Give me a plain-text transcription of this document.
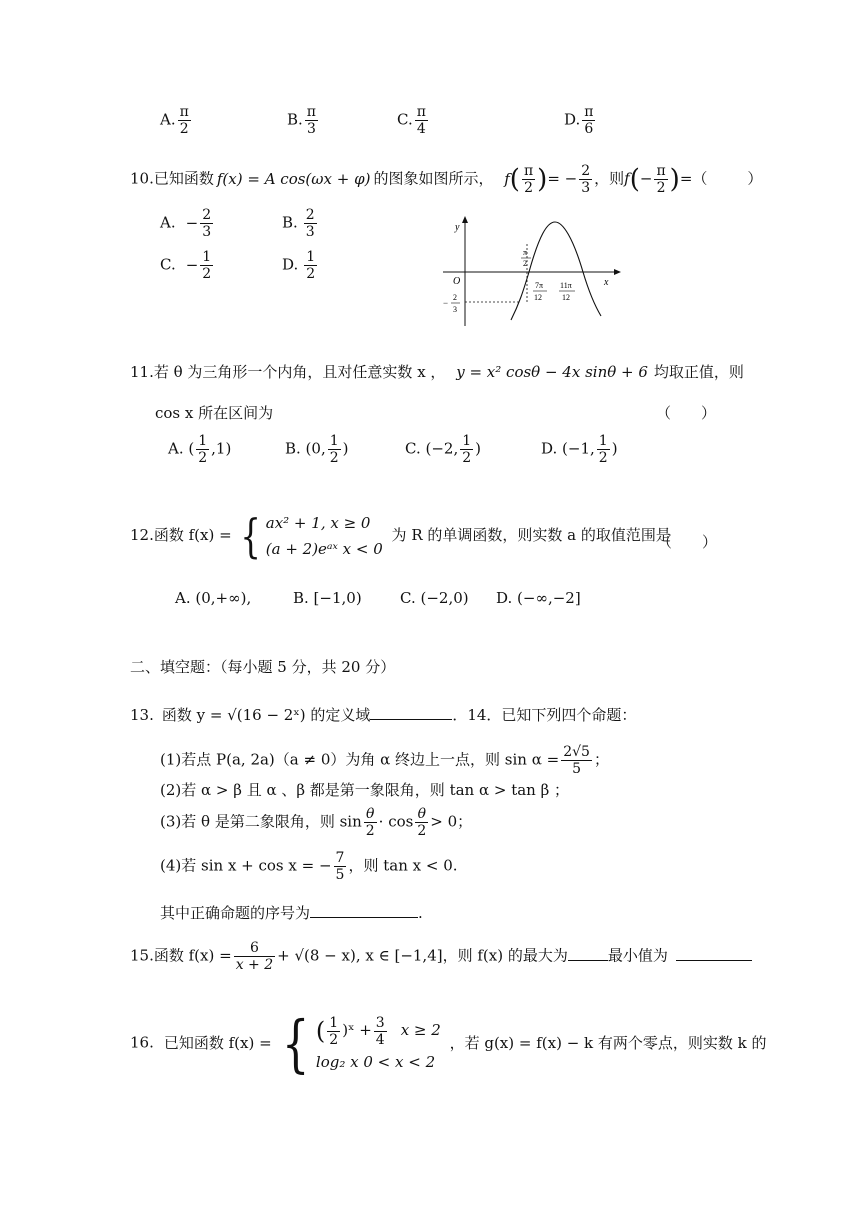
A. $\frac{\pi}{2}$	B. $\frac{\pi}{3}$	C. $\frac{\pi}{4}$	D. $\frac{\pi}{6}$
10.已知函数 f(x) = A cos(ωx + φ) 的图象如图所示， $f( \frac{\pi}{2}$ )= − $\frac{2}{3}$ ，则$f(- \frac{\pi}{2}$ )=（	）
A. − $\frac{2}{3}$	B. $\frac{2}{3}$
C. − $\frac{1}{2}$	D. $\frac{1}{2}$
y
x
O
π
2
−
2
3
7π
12
11π
12
11.若 θ 为三角形一个内角，且对任意实数 x ， y = x² cosθ − 4x sinθ + 6 均取正值，则
cos x 所在区间为	（　　）
A. ( $\frac{1}{2} ,1$)	B. (0, $\frac{1}{2}$ )	C. (−2, $\frac{1}{2}$ )	D. (−1, $\frac{1}{2}$ )
12.函数 f(x) = { ax² + 1, x ≥ 0
(a + 2)eᵃˣ x < 0
为 R 的单调函数，则实数 a 的取值范围是
（　　）
A. (0,+∞),	B. [−1,0)	C. (−2,0) D. (−∞,−2]
二、填空题：（每小题 5 分，共 20 分）
13. 函数 y = √(16 − 2ˣ) 的定义域	．14．已知下列四个命题：
(1)若点 P(a, 2a)（a ≠ 0）为角 α 终边上一点，则 $\sin \alpha = \frac{2√5}{5}$ ；
(2)若 α > β 且 α 、β 都是第一象限角，则 tan α > tan β ；
(3)若 θ 是第二象限角，则 $\sin \frac{\theta}{2} \cdot \cos \frac{\theta}{2} > 0$；
(4)若 sin x + cos x = − $\frac{7}{5}$ ，则 tan x < 0.
其中正确命题的序号为	.
15.函数 $f(x) = \frac{6}{x + 2} + √(8 - x)$, x ∈ [−1,4]，则 f(x) 的最大为	最小值为
16. 已知函数 f(x) = { ( $\frac{1}{2}$ )ˣ + $\frac{3}{4}$ x ≥ 2
log₂ x 0 < x < 2
，若 g(x) = f(x) − k 有两个零点，则实数 k 的
